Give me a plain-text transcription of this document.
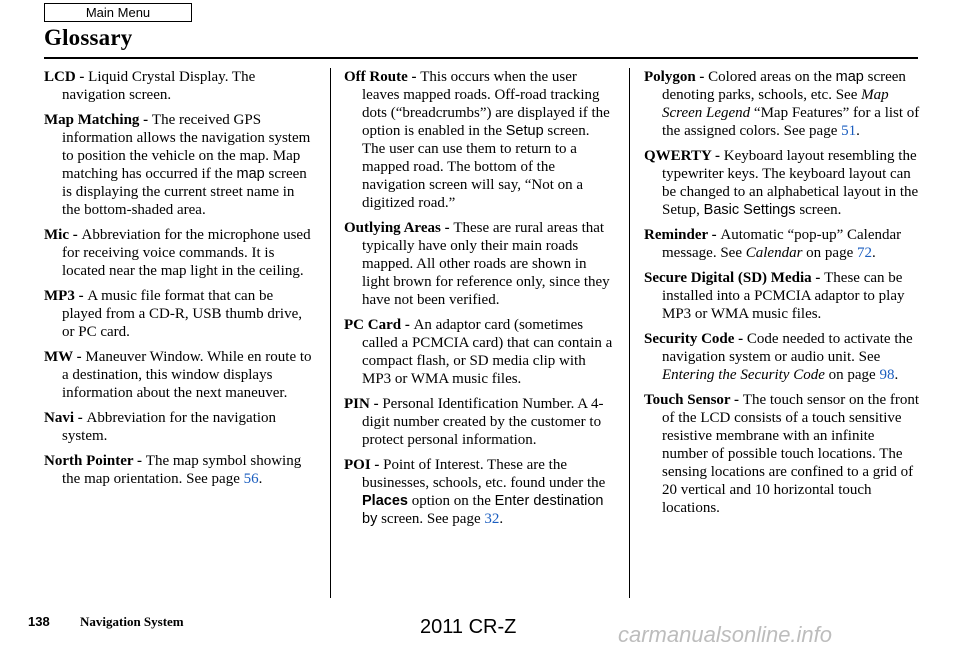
Main Menu
Glossary

LCD - Liquid Crystal Display. The navigation screen.

Map Matching - The received GPS information allows the navigation system to position the vehicle on the map. Map matching has occurred if the map screen is displaying the current street name in the bottom-shaded area.

Mic - Abbreviation for the microphone used for receiving voice commands. It is located near the map light in the ceiling.

MP3 - A music file format that can be played from a CD-R, USB thumb drive, or PC card.

MW - Maneuver Window. While en route to a destination, this window displays information about the next maneuver.

Navi - Abbreviation for the navigation system.

North Pointer - The map symbol showing the map orientation. See page 56.

Off Route - This occurs when the user leaves mapped roads. Off-road tracking dots (“breadcrumbs”) are displayed if the option is enabled in the Setup screen. The user can use them to return to a mapped road. The bottom of the navigation screen will say, “Not on a digitized road.”

Outlying Areas - These are rural areas that typically have only their main roads mapped. All other roads are shown in light brown for reference only, since they have not been verified.

PC Card - An adaptor card (sometimes called a PCMCIA card) that can contain a compact flash, or SD media clip with MP3 or WMA music files.

PIN - Personal Identification Number. A 4-digit number created by the customer to protect personal information.

POI - Point of Interest. These are the businesses, schools, etc. found under the Places option on the Enter destination by screen. See page 32.

Polygon - Colored areas on the map screen denoting parks, schools, etc. See Map Screen Legend “Map Features” for a list of the assigned colors. See page 51.

QWERTY - Keyboard layout resembling the typewriter keys. The keyboard layout can be changed to an alphabetical layout in the Setup, Basic Settings screen.

Reminder - Automatic “pop-up” Calendar message. See Calendar on page 72.

Secure Digital (SD) Media - These can be installed into a PCMCIA adaptor to play MP3 or WMA music files.

Security Code - Code needed to activate the navigation system or audio unit. See Entering the Security Code on page 98.

Touch Sensor - The touch sensor on the front of the LCD consists of a touch sensitive resistive membrane with an infinite number of possible touch locations. The sensing locations are confined to a grid of 20 vertical and 10 horizontal touch locations.

138 Navigation System	2011 CR-Z	carmanualsonline.info
